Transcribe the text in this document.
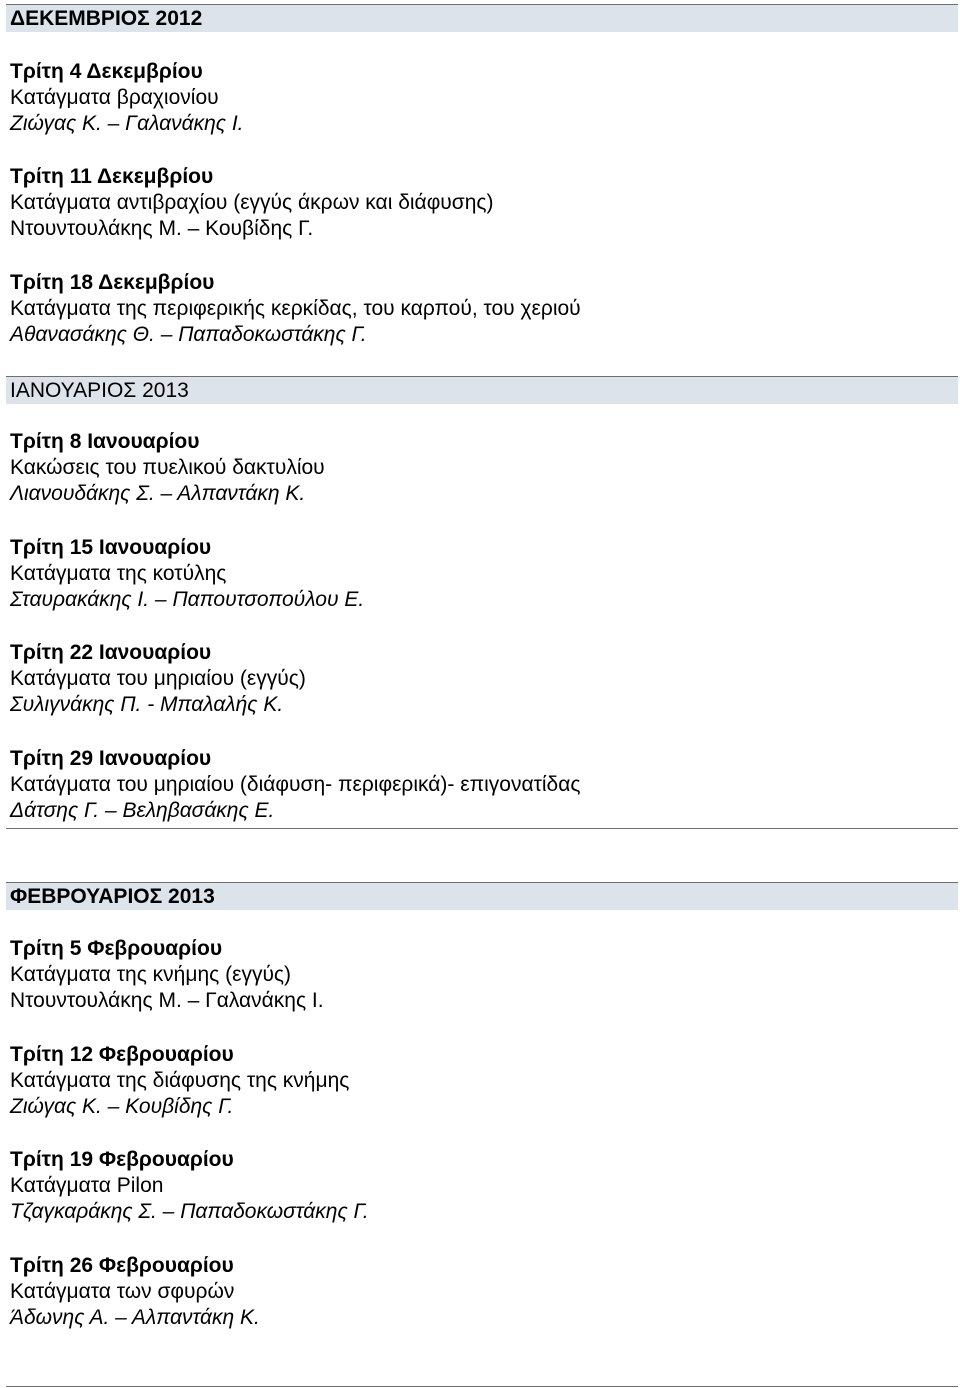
ΔΕΚΕΜΒΡΙΟΣ 2012
Τρίτη 4 Δεκεμβρίου
Κατάγματα βραχιονίου
Ζιώγας Κ. – Γαλανάκης Ι.
Τρίτη 11 Δεκεμβρίου
Κατάγματα αντιβραχίου (εγγύς άκρων και διάφυσης)
Ντουντουλάκης Μ. – Κουβίδης Γ.
Τρίτη 18 Δεκεμβρίου
Κατάγματα της περιφερικής κερκίδας, του καρπού, του χεριού
Αθανασάκης Θ. – Παπαδοκωστάκης Γ.
ΙΑΝΟΥΑΡΙΟΣ 2013
Τρίτη 8 Ιανουαρίου
Κακώσεις του πυελικού δακτυλίου
Λιανουδάκης Σ. – Αλπαντάκη Κ.
Τρίτη 15 Ιανουαρίου
Κατάγματα της κοτύλης
Σταυρακάκης Ι. – Παπουτσοπούλου Ε.
Τρίτη 22 Ιανουαρίου
Κατάγματα του μηριαίου (εγγύς)
Συλιγνάκης Π. - Μπαλαλής Κ.
Τρίτη 29 Ιανουαρίου
Κατάγματα του μηριαίου (διάφυση- περιφερικά)- επιγονατίδας
Δάτσης Γ. – Βεληβασάκης Ε.
ΦΕΒΡΟΥΑΡΙΟΣ 2013
Τρίτη 5 Φεβρουαρίου
Κατάγματα της κνήμης (εγγύς)
Ντουντουλάκης Μ. – Γαλανάκης Ι.
Τρίτη 12 Φεβρουαρίου
Κατάγματα της διάφυσης της κνήμης
Ζιώγας Κ. – Κουβίδης Γ.
Τρίτη 19 Φεβρουαρίου
Κατάγματα Pilon
Τζαγκαράκης Σ. – Παπαδοκωστάκης Γ.
Τρίτη 26 Φεβρουαρίου
Κατάγματα των σφυρών
Άδωνης Α. – Αλπαντάκη Κ.
